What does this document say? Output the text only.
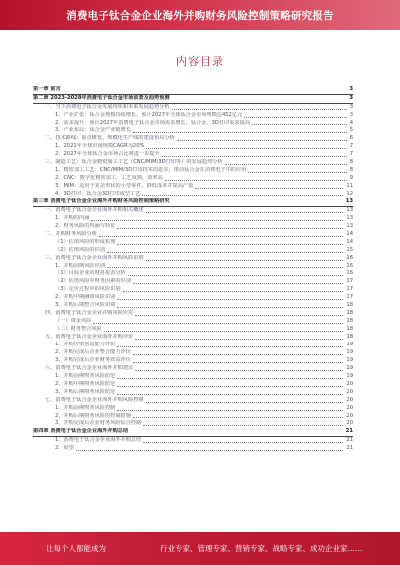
消费电子钛合金企业海外并购财务风险控制策略研究报告
内容目录
第一章 前言	3
第二章 2023-2028年消费电子钛合金市场前景及趋势预测	3
一、当下消费电子钛合金发展现状和未来发展趋势分析	3
1、产业扩张：钛合金规模持续增长，预计2027年全球钛合金市场规模达452亿元	3
2、需求提升：预计2027年消费电子钛合金市场需求增长，钛合金、3D打印需求提高	4
3、产业布局：钛合金产业链增长	5
二、技术路线：重点研发、规模化生产线的建设布局分析	6
1、2021年全球市场规模CAGR为20%	7
2、2027年全球钛合金市场占比将进一步提升	7
三、制造工艺：钛合金精密加工工艺（CNC/MIM/3D打印等）的发展趋势分析	8
1、精密加工工艺：CNC/MIM/3D打印技术的进步，推动钛合金在消费电子中的应用	8
2、CNC：数字化精密加工，工艺成熟，效率高	9
3、MIM：适用于复杂形状的小型零件，降低成本并提高产量	11
4、3D打印：钛合金3D打印成型工艺	12
第三章 消费电子钛合金企业海外并购财务风险控制策略研究	13
一、消费电子钛合金企业海外并购相关概述	13
1、并购的内涵	13
2、财务风险的内涵与特征	13
二、并购财务风险分析	14
（1）估值风险的形成机理	14
（2）估值风险的识别	15
三、消费电子钛合金企业海外并购风险识别	16
1、并购前期风险识别	16
（1）目标企业的财务报表分析	16
（2）估值风险中财务因素的识别	17
（3）定价过程中的风险识别	17
2、并购中期融资风险识别	17
3、并购后期整合风险识别	18
四、消费电子钛合金企业并购风险应对	18
（一）资金风险	18
（二）财务整合风险	18
五、消费电子钛合金企业海外并购评价	18
1、并购价值创造能力评价	19
2、并购完成后企业整合能力评价	19
3、并购完成后企业财务效益评价	19
六、消费电子钛合金企业海外并购建议	19
1、并购前期财务风险防范	19
2、并购中期财务风险防范	20
3、并购后期财务风险防范	20
七、消费电子钛合金企业海外并购风险控制	20
1、并购前期财务风险控制	20
2、并购后期财务风险的控制措施	20
3、并购完成后企业财务风险综合控制	20
第四章 消费电子钛合金企业海外并购总结	21
1、消费电子钛合金企业海外并购总结	21
2、展望	21
让每个人都能成为	行业专家、管理专家、营销专家、战略专家、成功企业家……
